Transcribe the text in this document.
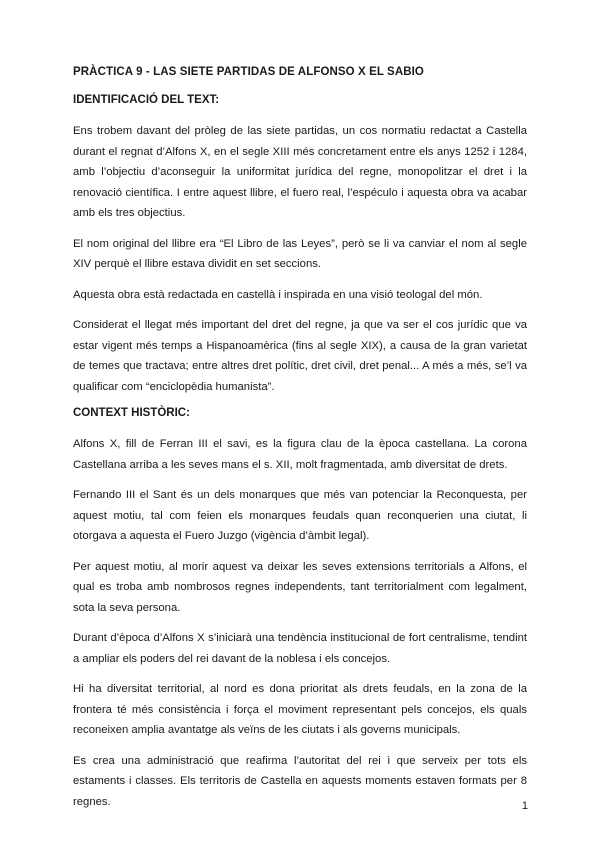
PRÀCTICA 9 - LAS SIETE PARTIDAS DE ALFONSO X EL SABIO
IDENTIFICACIÓ DEL TEXT:

Ens trobem davant del pròleg de las siete partidas, un cos normatiu redactat a Castella durant el regnat d’Alfons X, en el segle XIII més concretament entre els anys 1252 i 1284, amb l’objectiu d’aconseguir la uniformitat jurídica del regne, monopolitzar el dret i la renovació científica. I entre aquest llibre, el fuero real, l’espéculo i aquesta obra va acabar amb els tres objectius.

El nom original del llibre era “El Libro de las Leyes”, però se li va canviar el nom al segle XIV perquè el llibre estava dividit en set seccions.

Aquesta obra està redactada en castellà i inspirada en una visió teologal del món.

Considerat el llegat més important del dret del regne, ja que va ser el cos jurídic que va estar vigent més temps a Hispanoamèrica (fins al segle XIX), a causa de la gran varietat de temes que tractava; entre altres dret polític, dret civil, dret penal... A més a més, se’l va qualificar com “enciclopèdia humanista”.

CONTEXT HISTÒRIC:

Alfons X, fill de Ferran III el savi, es la figura clau de la època castellana. La corona Castellana arriba a les seves mans el s. XII, molt fragmentada, amb diversitat de drets.

Fernando III el Sant és un dels monarques que més van potenciar la Reconquesta, per aquest motiu, tal com feien els monarques feudals quan reconquerien una ciutat, li otorgava a aquesta el Fuero Juzgo (vigència d’àmbit legal).

Per aquest motiu, al morir aquest va deixar les seves extensions territorials a Alfons, el qual es troba amb nombrosos regnes independents, tant territorialment com legalment, sota la seva persona.

Durant d’època d’Alfons X s’iniciarà una tendència institucional de fort centralisme, tendint a ampliar els poders del rei davant de la noblesa i els concejos.

Hi ha diversitat territorial, al nord es dona prioritat als drets feudals, en la zona de la frontera té més consistència i força el moviment representant pels concejos, els quals reconeixen amplia avantatge als veïns de les ciutats i als governs municipals.

Es crea una administració que reafirma l’autoritat del rei i que serveix per tots els estaments i classes. Els territoris de Castella en aquests moments estaven formats per 8 regnes.	1
